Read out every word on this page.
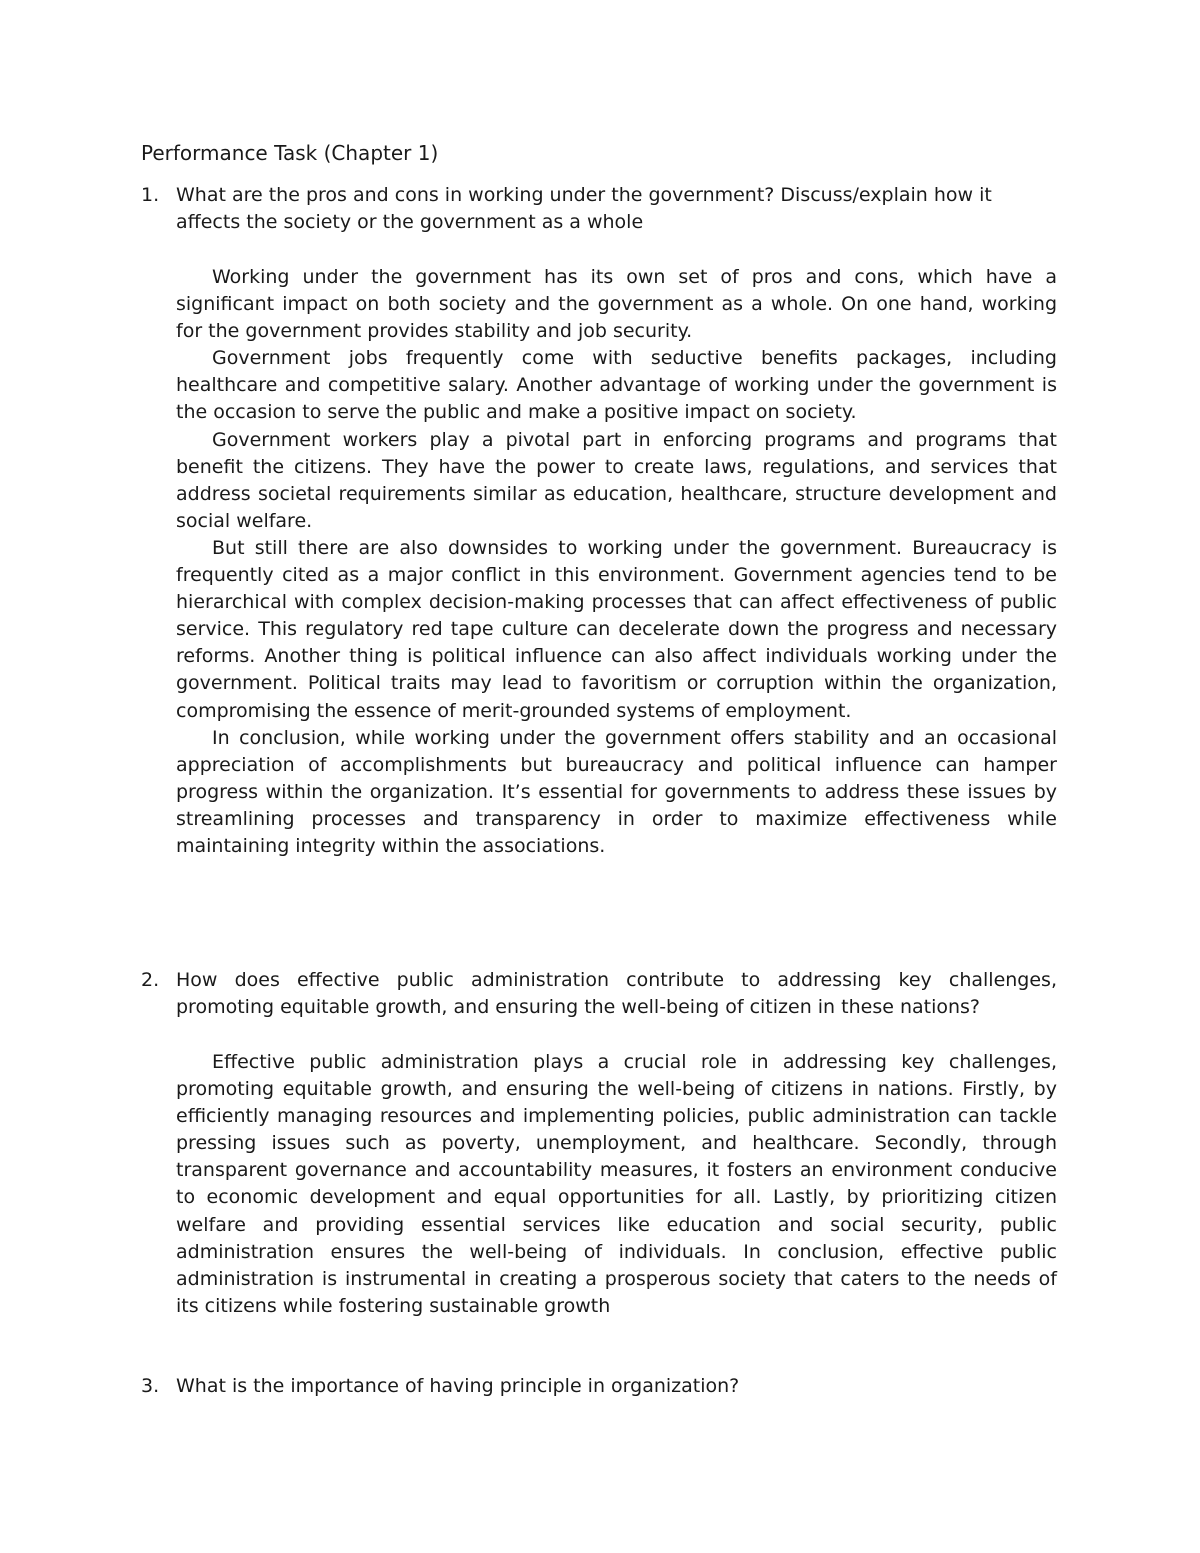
Performance Task (Chapter 1)
1. What are the pros and cons in working under the government? Discuss/explain how it affects the society or the government as a whole

Working under the government has its own set of pros and cons, which have a significant impact on both society and the government as a whole. On one hand, working for the government provides stability and job security.

Government jobs frequently come with seductive benefits packages, including healthcare and competitive salary. Another advantage of working under the government is the occasion to serve the public and make a positive impact on society.

Government workers play a pivotal part in enforcing programs and programs that benefit the citizens. They have the power to create laws, regulations, and services that address societal requirements similar as education, healthcare, structure development and social welfare.

But still there are also downsides to working under the government. Bureaucracy is frequently cited as a major conflict in this environment. Government agencies tend to be hierarchical with complex decision-making processes that can affect effectiveness of public service. This regulatory red tape culture can decelerate down the progress and necessary reforms. Another thing is political influence can also affect individuals working under the government. Political traits may lead to favoritism or corruption within the organization, compromising the essence of merit-grounded systems of employment.

In conclusion, while working under the government offers stability and an occasional appreciation of accomplishments but bureaucracy and political influence can hamper progress within the organization. It’s essential for governments to address these issues by streamlining processes and transparency in order to maximize effectiveness while maintaining integrity within the associations.

2. How does effective public administration contribute to addressing key challenges, promoting equitable growth, and ensuring the well-being of citizen in these nations?

Effective public administration plays a crucial role in addressing key challenges, promoting equitable growth, and ensuring the well-being of citizens in nations. Firstly, by efficiently managing resources and implementing policies, public administration can tackle pressing issues such as poverty, unemployment, and healthcare. Secondly, through transparent governance and accountability measures, it fosters an environment conducive to economic development and equal opportunities for all. Lastly, by prioritizing citizen welfare and providing essential services like education and social security, public administration ensures the well-being of individuals. In conclusion, effective public administration is instrumental in creating a prosperous society that caters to the needs of its citizens while fostering sustainable growth

3. What is the importance of having principle in organization?
